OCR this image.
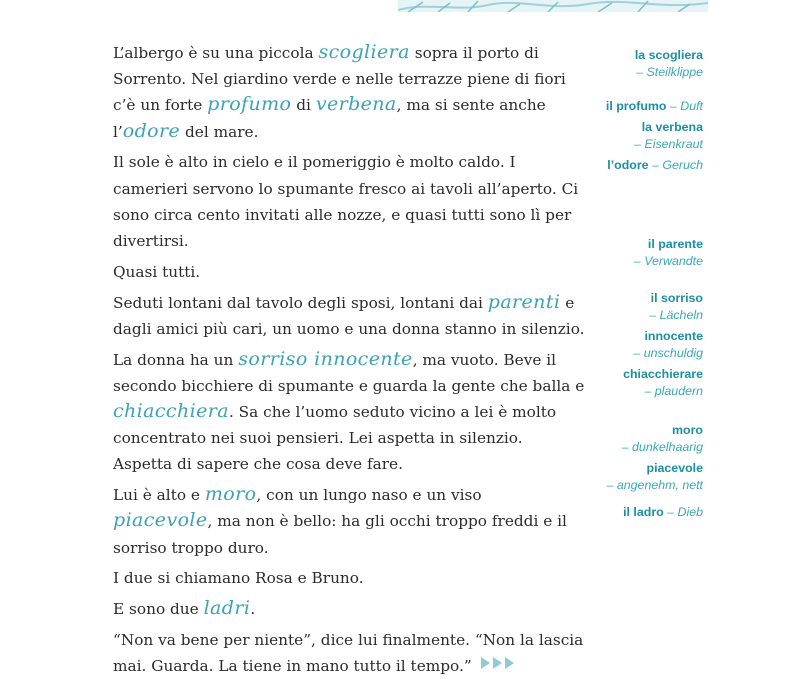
L’albergo è su una piccola scogliera sopra il porto di Sorrento. Nel giardino verde e nelle terrazze piene di fiori c’è un forte profumo di verbena, ma si sente anche l’odore del mare.

Il sole è alto in cielo e il pomeriggio è molto caldo. I camerieri servono lo spumante fresco ai tavoli all’aperto. Ci sono circa cento invitati alle nozze, e quasi tutti sono lì per divertirsi.

Quasi tutti.

Seduti lontani dal tavolo degli sposi, lontani dai parenti e dagli amici più cari, un uomo e una donna stanno in silenzio.

La donna ha un sorriso innocente, ma vuoto. Beve il secondo bicchiere di spumante e guarda la gente che balla e chiacchiera. Sa che l’uomo seduto vicino a lei è molto concentrato nei suoi pensieri. Lei aspetta in silenzio. Aspetta di sapere che cosa deve fare.

Lui è alto e moro, con un lungo naso e un viso piacevole, ma non è bello: ha gli occhi troppo freddi e il sorriso troppo duro.

I due si chiamano Rosa e Bruno.

E sono due ladri.

“Non va bene per niente”, dice lui finalmente. “Non la lascia mai. Guarda. La tiene in mano tutto il tempo.”

la scogliera
– Steilklippe
il profumo – Duft
la verbena
– Eisenkraut
l’odore – Geruch
il parente
– Verwandte
il sorriso
– Lächeln
innocente
– unschuldig
chiacchierare
– plaudern
moro
– dunkelhaarig
piacevole
– angenehm, nett
il ladro – Dieb
